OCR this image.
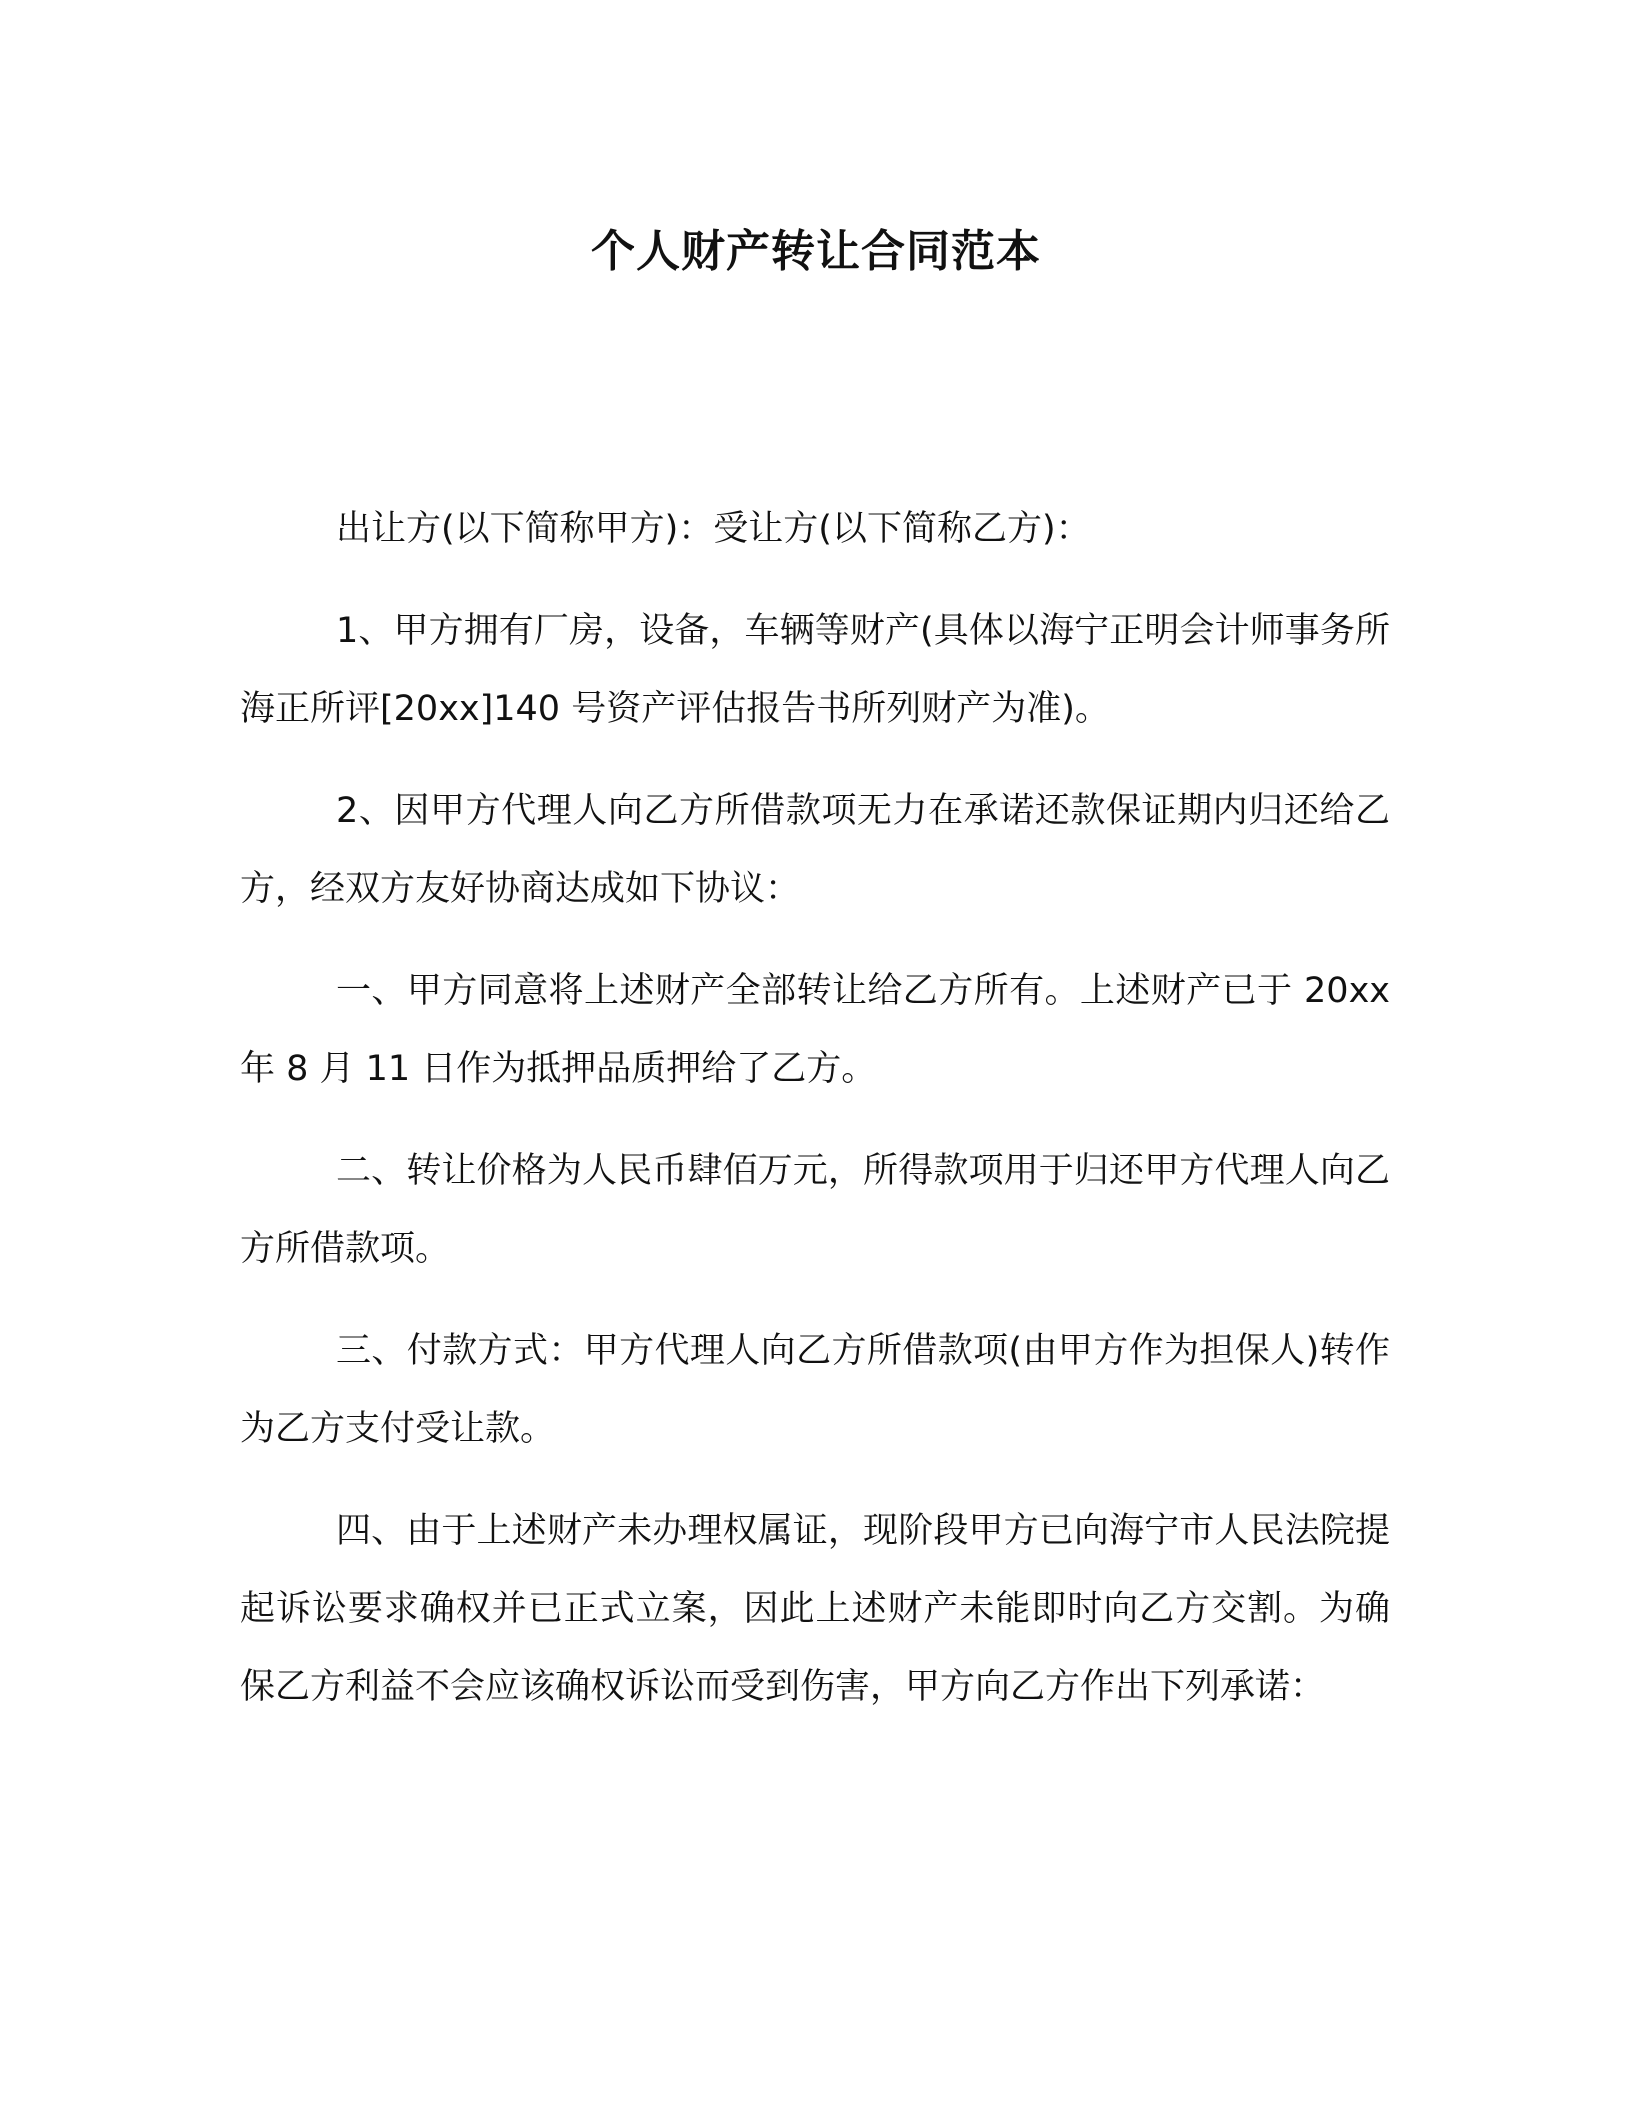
个人财产转让合同范本

出让方(以下简称甲方)：受让方(以下简称乙方)：

1、甲方拥有厂房，设备，车辆等财产(具体以海宁正明会计师事务所海正所评[20xx]140 号资产评估报告书所列财产为准)。

2、因甲方代理人向乙方所借款项无力在承诺还款保证期内归还给乙方，经双方友好协商达成如下协议：

一、甲方同意将上述财产全部转让给乙方所有。上述财产已于 20xx 年 8 月 11 日作为抵押品质押给了乙方。

二、转让价格为人民币肆佰万元，所得款项用于归还甲方代理人向乙方所借款项。

三、付款方式：甲方代理人向乙方所借款项(由甲方作为担保人)转作为乙方支付受让款。

四、由于上述财产未办理权属证，现阶段甲方已向海宁市人民法院提起诉讼要求确权并已正式立案，因此上述财产未能即时向乙方交割。为确保乙方利益不会应该确权诉讼而受到伤害，甲方向乙方作出下列承诺：
